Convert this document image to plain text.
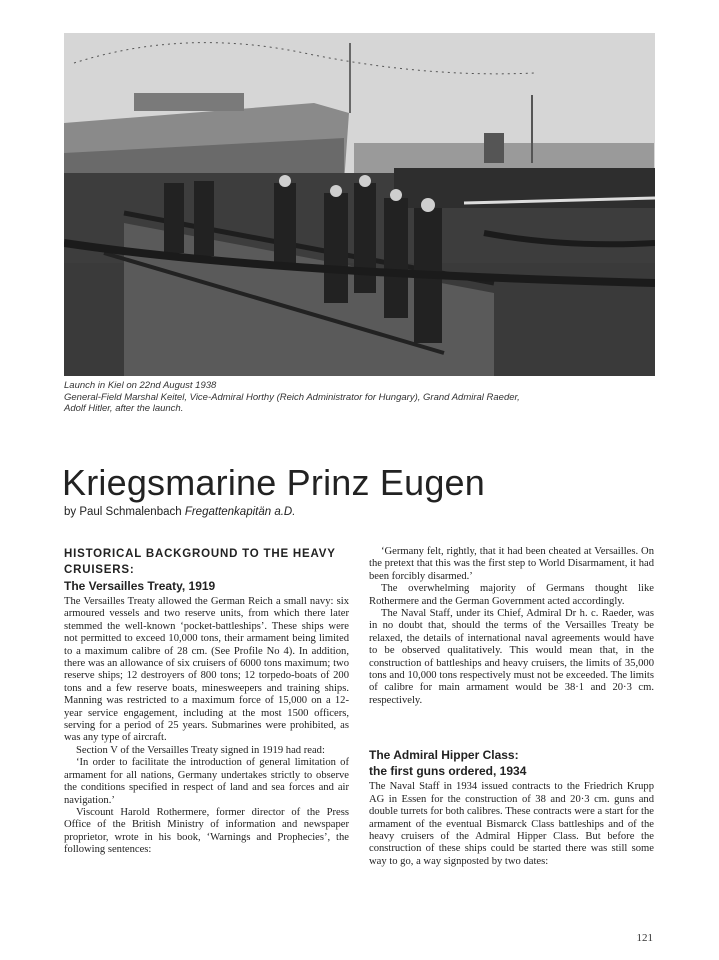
Launch in Kiel on 22nd August 1938
General-Field Marshal Keitel, Vice-Admiral Horthy (Reich Administrator for Hungary), Grand Admiral Raeder,
Adolf Hitler, after the launch.
Kriegsmarine Prinz Eugen
by Paul Schmalenbach Fregattenkapitän a.D.
HISTORICAL BACKGROUND TO THE HEAVY CRUISERS:
The Versailles Treaty, 1919

The Versailles Treaty allowed the German Reich a small navy: six armoured vessels and two reserve units, from which there later stemmed the well-known ‘pocket-battleships’. These ships were not permitted to exceed 10,000 tons, their armament being limited to a maximum calibre of 28 cm. (See Profile No 4). In addition, there was an allowance of six cruisers of 6000 tons maximum; two reserve ships; 12 destroyers of 800 tons; 12 torpedo-boats of 200 tons and a few reserve boats, minesweepers and training ships. Manning was restricted to a maximum force of 15,000 on a 12-year service engagement, including at the most 1500 officers, serving for a period of 25 years. Submarines were prohibited, as was any type of aircraft.

Section V of the Versailles Treaty signed in 1919 had read:

‘In order to facilitate the introduction of general limitation of armament for all nations, Germany undertakes strictly to observe the conditions specified in respect of land and sea forces and air navigation.’

Viscount Harold Rothermere, former director of the Press Office of the British Ministry of information and newspaper proprietor, wrote in his book, ‘Warnings and Prophecies’, the following sentences:

‘Germany felt, rightly, that it had been cheated at Versailles. On the pretext that this was the first step to World Disarmament, it had been forcibly disarmed.’

The overwhelming majority of Germans thought like Rothermere and the German Government acted accordingly.

The Naval Staff, under its Chief, Admiral Dr h. c. Raeder, was in no doubt that, should the terms of the Versailles Treaty be relaxed, the details of international naval agreements would have to be observed qualitatively. This would mean that, in the construction of battleships and heavy cruisers, the limits of 35,000 tons and 10,000 tons respectively must not be exceeded. The limits of calibre for main armament would be 38·1 and 20·3 cm. respectively.

The Admiral Hipper Class:
the first guns ordered, 1934

The Naval Staff in 1934 issued contracts to the Friedrich Krupp AG in Essen for the construction of 38 and 20·3 cm. guns and double turrets for both calibres. These contracts were a start for the armament of the eventual Bismarck Class battleships and of the heavy cruisers of the Admiral Hipper Class. But before the construction of these ships could be started there was still some way to go, a way signposted by two dates:

121
